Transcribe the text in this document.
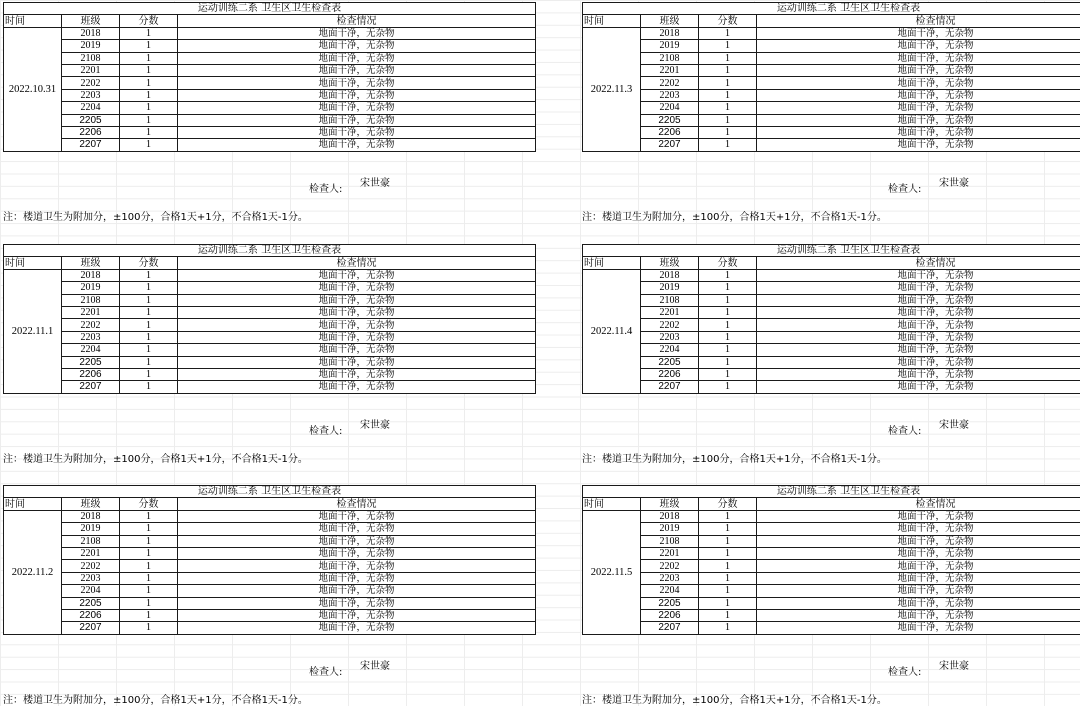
运动训练二系 卫生区卫生检查表			
时间	班级	分数	检查情况
2022.10.31	2018	1	地面干净，无杂物
	2019	1	地面干净，无杂物
	2108	1	地面干净，无杂物
	2201	1	地面干净，无杂物
	2202	1	地面干净，无杂物
	2203	1	地面干净，无杂物
	2204	1	地面干净，无杂物
	2205	1	地面干净，无杂物
	2206	1	地面干净，无杂物
	2207	1	地面干净，无杂物
检查人:
宋世豪
注：楼道卫生为附加分，±100分，合格1天+1分，不合格1天-1分。
运动训练二系 卫生区卫生检查表			
时间	班级	分数	检查情况
2022.11.3	2018	1	地面干净，无杂物
	2019	1	地面干净，无杂物
	2108	1	地面干净，无杂物
	2201	1	地面干净，无杂物
	2202	1	地面干净，无杂物
	2203	1	地面干净，无杂物
	2204	1	地面干净，无杂物
	2205	1	地面干净，无杂物
	2206	1	地面干净，无杂物
	2207	1	地面干净，无杂物
检查人:
宋世豪
注：楼道卫生为附加分，±100分，合格1天+1分，不合格1天-1分。
运动训练二系 卫生区卫生检查表			
时间	班级	分数	检查情况
2022.11.1	2018	1	地面干净，无杂物
	2019	1	地面干净，无杂物
	2108	1	地面干净，无杂物
	2201	1	地面干净，无杂物
	2202	1	地面干净，无杂物
	2203	1	地面干净，无杂物
	2204	1	地面干净，无杂物
	2205	1	地面干净，无杂物
	2206	1	地面干净，无杂物
	2207	1	地面干净，无杂物
检查人:
宋世豪
注：楼道卫生为附加分，±100分，合格1天+1分，不合格1天-1分。
运动训练二系 卫生区卫生检查表			
时间	班级	分数	检查情况
2022.11.4	2018	1	地面干净，无杂物
	2019	1	地面干净，无杂物
	2108	1	地面干净，无杂物
	2201	1	地面干净，无杂物
	2202	1	地面干净，无杂物
	2203	1	地面干净，无杂物
	2204	1	地面干净，无杂物
	2205	1	地面干净，无杂物
	2206	1	地面干净，无杂物
	2207	1	地面干净，无杂物
检查人:
宋世豪
注：楼道卫生为附加分，±100分，合格1天+1分，不合格1天-1分。
运动训练二系 卫生区卫生检查表			
时间	班级	分数	检查情况
2022.11.2	2018	1	地面干净，无杂物
	2019	1	地面干净，无杂物
	2108	1	地面干净，无杂物
	2201	1	地面干净，无杂物
	2202	1	地面干净，无杂物
	2203	1	地面干净，无杂物
	2204	1	地面干净，无杂物
	2205	1	地面干净，无杂物
	2206	1	地面干净，无杂物
	2207	1	地面干净，无杂物
检查人:
宋世豪
注：楼道卫生为附加分，±100分，合格1天+1分，不合格1天-1分。
运动训练二系 卫生区卫生检查表			
时间	班级	分数	检查情况
2022.11.5	2018	1	地面干净，无杂物
	2019	1	地面干净，无杂物
	2108	1	地面干净，无杂物
	2201	1	地面干净，无杂物
	2202	1	地面干净，无杂物
	2203	1	地面干净，无杂物
	2204	1	地面干净，无杂物
	2205	1	地面干净，无杂物
	2206	1	地面干净，无杂物
	2207	1	地面干净，无杂物
检查人:
宋世豪
注：楼道卫生为附加分，±100分，合格1天+1分，不合格1天-1分。
